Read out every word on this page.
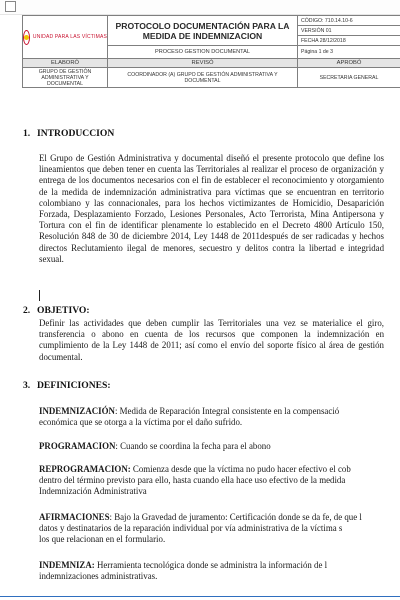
UNIDAD PARA LAS VÍCTIMAS	PROTOCOLO DOCUMENTACIÓN PARA LA MEDIDA DE INDEMNIZACION	CÓDIGO: 710.14.10-6
		VERSIÓN 01
		FECHA 28/12/2018
	PROCESO GESTION DOCUMENTAL	Página 1 de 3
ELABORÓ	REVISÓ	APROBÓ
GRUPO DE GESTIÓN ADMINISTRATIVA Y DOCUMENTAL	COORDINADOR (A) GRUPO DE GESTIÓN ADMINISTRATIVA Y DOCUMENTAL	SECRETARIA GENERAL
1. INTRODUCCION

El Grupo de Gestión Administrativa y documental diseñó el presente protocolo que define los lineamientos que deben tener en cuenta las Territoriales al realizar el proceso de organización y entrega de los documentos necesarios con el fin de establecer el reconocimiento y otorgamiento de la medida de indemnización administrativa para víctimas que se encuentran en territorio colombiano y las connacionales, para los hechos victimizantes de Homicidio, Desaparición Forzada, Desplazamiento Forzado, Lesiones Personales, Acto Terrorista, Mina Antipersona y Tortura con el fin de identificar plenamente lo establecido en el Decreto 4800 Artículo 150, Resolución 848 de 30 de diciembre 2014, Ley 1448 de 2011después de ser radicadas y hechos directos Reclutamiento ilegal de menores, secuestro y delitos contra la libertad e integridad sexual.

2. OBJETIVO:

Definir las actividades que deben cumplir las Territoriales una vez se materialice el giro, transferencia o abono en cuenta de los recursos que componen la indemnización en cumplimiento de la Ley 1448 de 2011; así como el envío del soporte físico al área de gestión documental.

3. DEFINICIONES:

INDEMNIZACIÓN: Medida de Reparación Integral consistente en la compensació
económica que se otorga a la víctima por el daño sufrido.

PROGRAMACION: Cuando se coordina la fecha para el abono

REPROGRAMACION: Comienza desde que la víctima no pudo hacer efectivo el cob
dentro del término previsto para ello, hasta cuando ella hace uso efectivo de la medida
Indemnización Administrativa

AFIRMACIONES: Bajo la Gravedad de juramento: Certificación donde se da fe, de que l
datos y destinatarios de la reparación individual por vía administrativa de la víctima s
los que relacionan en el formulario.

INDEMNIZA: Herramienta tecnológica donde se administra la información de l
indemnizaciones administrativas.
